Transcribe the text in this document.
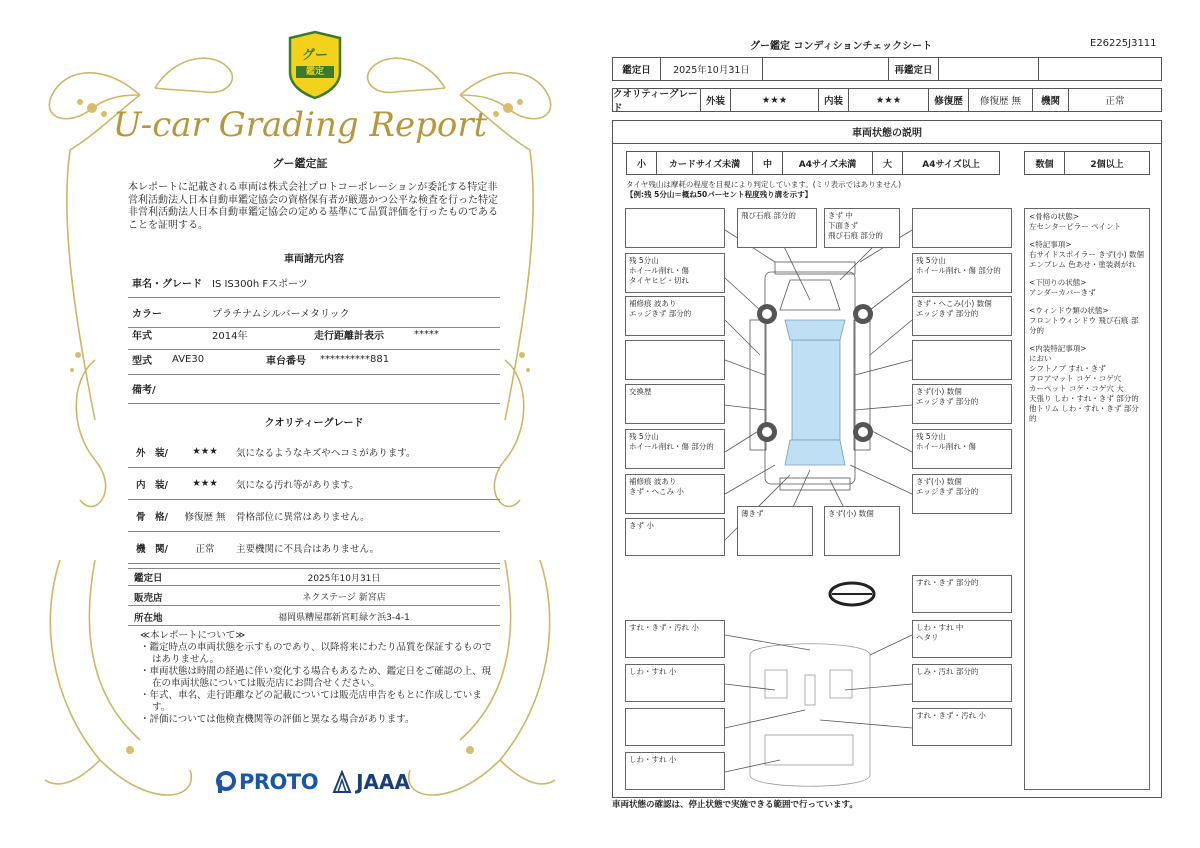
U-car Grading Report
グー
鑑定
グー鑑定証
本レポートに記載される車両は株式会社プロトコーポレーションが委託する特定非営利活動法人日本自動車鑑定協会の資格保有者が厳選かつ公平な検査を行った特定非営利活動法人日本自動車鑑定協会の定める基準にて品質評価を行ったものであることを証明する。
車両諸元内容
車名・グレード	IS IS300h Fスポーツ
カラー	プラチナムシルバーメタリック
年式	2014年	走行距離計表示	*****
型式	AVE30	車台番号	**********881
備考/
クオリティーグレード
外　装/	★★★	気になるようなキズやヘコミがあります。
内　装/	★★★	気になる汚れ等があります。
骨　格/	修復歴 無	骨格部位に異常はありません。
機　関/	正常	主要機関に不具合はありません。
鑑定日	2025年10月31日
販売店	ネクステージ 新宮店
所在地	福岡県糟屋郡新宮町緑ケ浜3-4-1
≪本レポートについて≫
・鑑定時点の車両状態を示すものであり、以降将来にわたり品質を保証するものではありません。
・車両状態は時間の経過に伴い変化する場合もあるため、鑑定日をご確認の上、現在の車両状態については販売店にお問合せください。
・年式、車名、走行距離などの記載については販売店申告をもとに作成しています。
・評価については他検査機関等の評価と異なる場合があります。
PROTO JAAA
グー鑑定 コンディションチェックシート	E26225J3111
鑑定日	2025年10月31日	再鑑定日
クオリティーグレード
外装	★★★	内装	★★★	修復歴	修復歴 無	機関	正常
車両状態の説明
小	カードサイズ未満	中	A4サイズ未満	大	A4サイズ以上	数個	2個以上
タイヤ残山は摩耗の程度を目視により判定しています。(ミリ表示ではありません)
【例:残 5分山＝概ね50パーセント程度残り溝を示す】
飛び石痕 部分的	きず 中
下面きず
飛び石痕 部分的
残 5分山
ホイール削れ・傷
タイヤヒビ・切れ
残 5分山
ホイール削れ・傷 部分的
補修痕 波あり
エッジきず 部分的
きず・へこみ(小) 数個
エッジきず 部分的
交換歴	きず(小) 数個
エッジきず 部分的
残 5分山
ホイール削れ・傷 部分的
残 5分山
ホイール削れ・傷
補修痕 波あり
きず・へこみ 小
きず(小) 数個
エッジきず 部分的
きず 小
薄きず	きず(小) 数個
すれ・きず 部分的
すれ・きず・汚れ 小	しわ・すれ 中
ヘタリ
しわ・すれ 小	しみ・汚れ 部分的
すれ・きず・汚れ 小
しわ・すれ 小
<骨格の状態>
左センターピラー ペイント
<特記事項>
右サイドスポイラー きず(小) 数個
エンブレム 色あせ・塗装剥がれ
<下回りの状態>
アンダーカバーきず
<ウィンドウ類の状態>
フロントウィンドウ 飛び石痕 部分的
<内装特記事項>
におい
シフトノブ すれ・きず
フロアマット コゲ・コゲ穴
カーペット コゲ・コゲ穴 大
天張り しわ・すれ・きず 部分的
他トリム しわ・すれ・きず 部分的
車両状態の確認は、停止状態で実施できる範囲で行っています。
